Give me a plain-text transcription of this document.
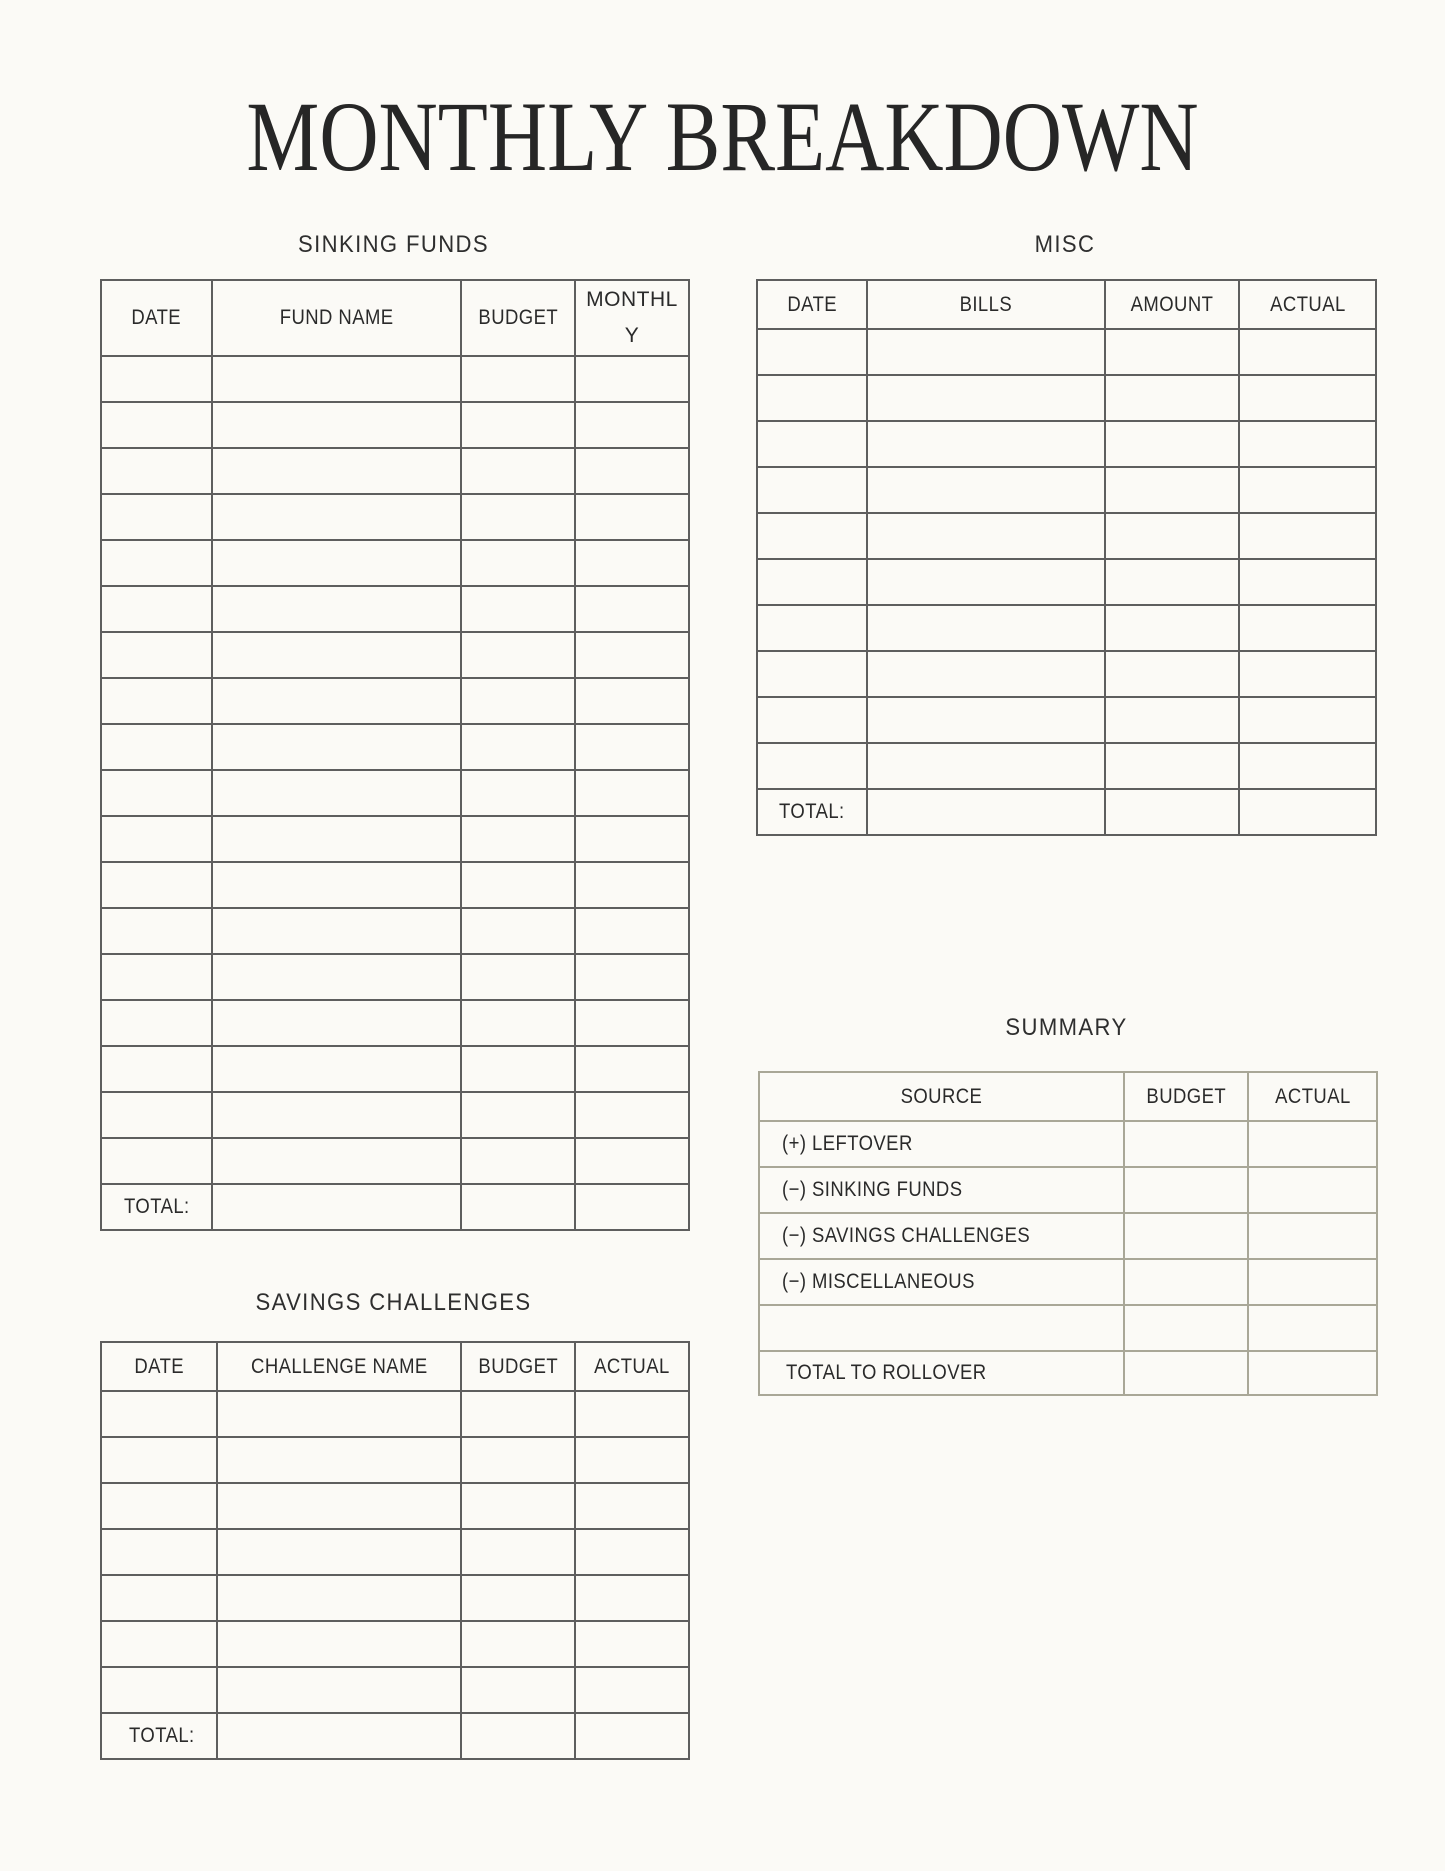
MONTHLY BREAKDOWN
SINKING FUNDS
DATE	FUND NAME	BUDGET	MONTHLY

TOTAL:			
MISC
DATE	BILLS	AMOUNT	ACTUAL

TOTAL:			
SUMMARY
SOURCE	BUDGET	ACTUAL
(+) LEFTOVER		
(−) SINKING FUNDS		
(−) SAVINGS CHALLENGES		
(−) MISCELLANEOUS		

TOTAL TO ROLLOVER		
SAVINGS CHALLENGES
DATE	CHALLENGE NAME	BUDGET	ACTUAL

TOTAL:			
